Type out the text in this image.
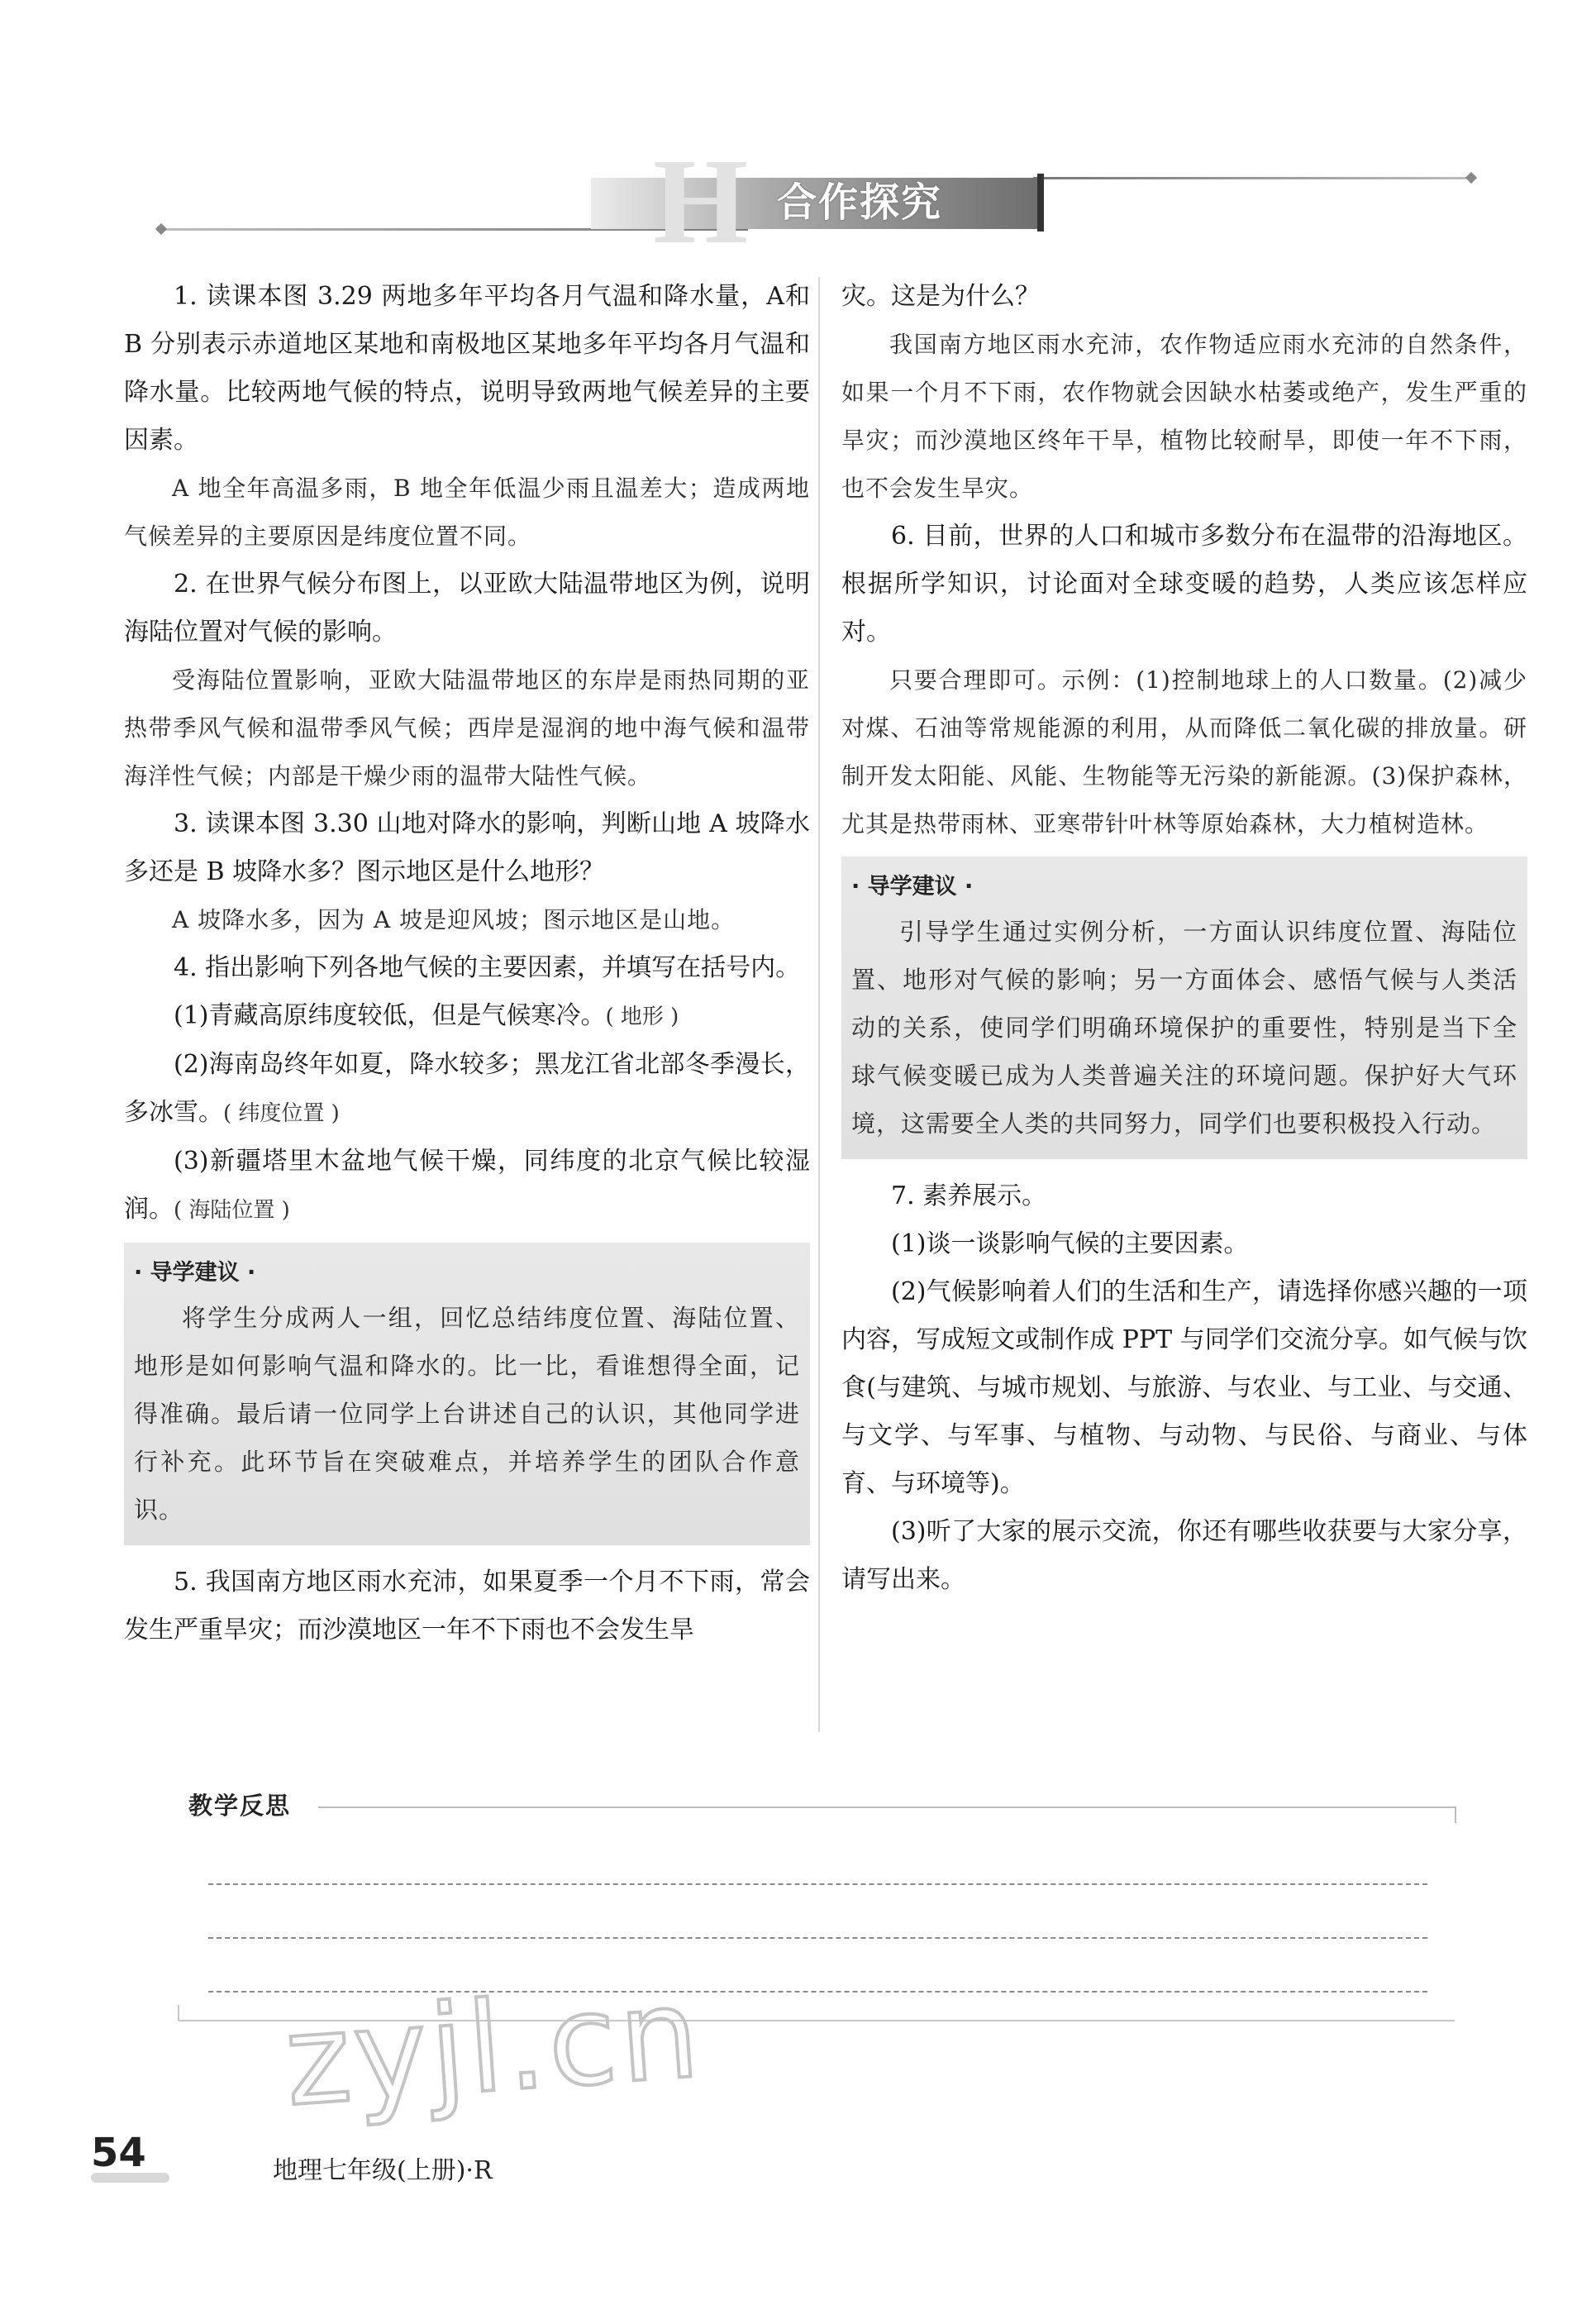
H 合作探究

1. 读课本图 3.29 两地多年平均各月气温和降水量，A和 B 分别表示赤道地区某地和南极地区某地多年平均各月气温和降水量。比较两地气候的特点，说明导致两地气候差异的主要因素。

A 地全年高温多雨，B 地全年低温少雨且温差大；造成两地气候差异的主要原因是纬度位置不同。

2. 在世界气候分布图上，以亚欧大陆温带地区为例，说明海陆位置对气候的影响。

受海陆位置影响，亚欧大陆温带地区的东岸是雨热同期的亚热带季风气候和温带季风气候；西岸是湿润的地中海气候和温带海洋性气候；内部是干燥少雨的温带大陆性气候。

3. 读课本图 3.30 山地对降水的影响，判断山地 A 坡降水多还是 B 坡降水多？图示地区是什么地形？

A 坡降水多，因为 A 坡是迎风坡；图示地区是山地。

4. 指出影响下列各地气候的主要因素，并填写在括号内。

(1)青藏高原纬度较低，但是气候寒冷。( 地形 )

(2)海南岛终年如夏，降水较多；黑龙江省北部冬季漫长，多冰雪。( 纬度位置 )

(3)新疆塔里木盆地气候干燥，同纬度的北京气候比较湿润。( 海陆位置 )

· 导学建议 ·

将学生分成两人一组，回忆总结纬度位置、海陆位置、地形是如何影响气温和降水的。比一比，看谁想得全面，记得准确。最后请一位同学上台讲述自己的认识，其他同学进行补充。此环节旨在突破难点，并培养学生的团队合作意识。

5. 我国南方地区雨水充沛，如果夏季一个月不下雨，常会发生严重旱灾；而沙漠地区一年不下雨也不会发生旱

灾。这是为什么？

我国南方地区雨水充沛，农作物适应雨水充沛的自然条件，如果一个月不下雨，农作物就会因缺水枯萎或绝产，发生严重的旱灾；而沙漠地区终年干旱，植物比较耐旱，即使一年不下雨，也不会发生旱灾。

6. 目前，世界的人口和城市多数分布在温带的沿海地区。根据所学知识，讨论面对全球变暖的趋势，人类应该怎样应对。

只要合理即可。示例：(1)控制地球上的人口数量。(2)减少对煤、石油等常规能源的利用，从而降低二氧化碳的排放量。研制开发太阳能、风能、生物能等无污染的新能源。(3)保护森林，尤其是热带雨林、亚寒带针叶林等原始森林，大力植树造林。

· 导学建议 ·

引导学生通过实例分析，一方面认识纬度位置、海陆位置、地形对气候的影响；另一方面体会、感悟气候与人类活动的关系，使同学们明确环境保护的重要性，特别是当下全球气候变暖已成为人类普遍关注的环境问题。保护好大气环境，这需要全人类的共同努力，同学们也要积极投入行动。

7. 素养展示。

(1)谈一谈影响气候的主要因素。

(2)气候影响着人们的生活和生产，请选择你感兴趣的一项内容，写成短文或制作成 PPT 与同学们交流分享。如气候与饮食(与建筑、与城市规划、与旅游、与农业、与工业、与交通、与文学、与军事、与植物、与动物、与民俗、与商业、与体育、与环境等)。

(3)听了大家的展示交流，你还有哪些收获要与大家分享，请写出来。

教学反思
zyjl.cn
54	地理七年级(上册)·R
